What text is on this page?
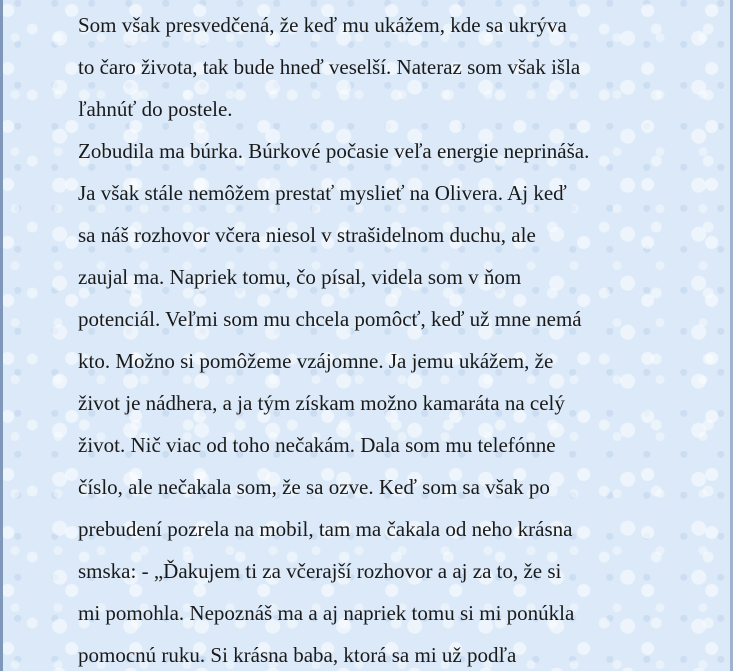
Som však presvedčená, že keď mu ukážem, kde sa ukrýva
to čaro života, tak bude hneď veselší. Nateraz som však išla
ľahnúť do postele.
Zobudila ma búrka. Búrkové počasie veľa energie neprináša.
Ja však stále nemôžem prestať myslieť na Olivera. Aj keď
sa náš rozhovor včera niesol v strašidelnom duchu, ale
zaujal ma. Napriek tomu, čo písal, videla som v ňom
potenciál. Veľmi som mu chcela pomôcť, keď už mne nemá
kto. Možno si pomôžeme vzájomne. Ja jemu ukážem, že
život je nádhera, a ja tým získam možno kamaráta na celý
život. Nič viac od toho nečakám. Dala som mu telefónne
číslo, ale nečakala som, že sa ozve. Keď som sa však po
prebudení pozrela na mobil, tam ma čakala od neho krásna
smska: - „Ďakujem ti za včerajší rozhovor a aj za to, že si
mi pomohla. Nepoznáš ma a aj napriek tomu si mi ponúkla
pomocnú ruku. Si krásna baba, ktorá sa mi už podľa
